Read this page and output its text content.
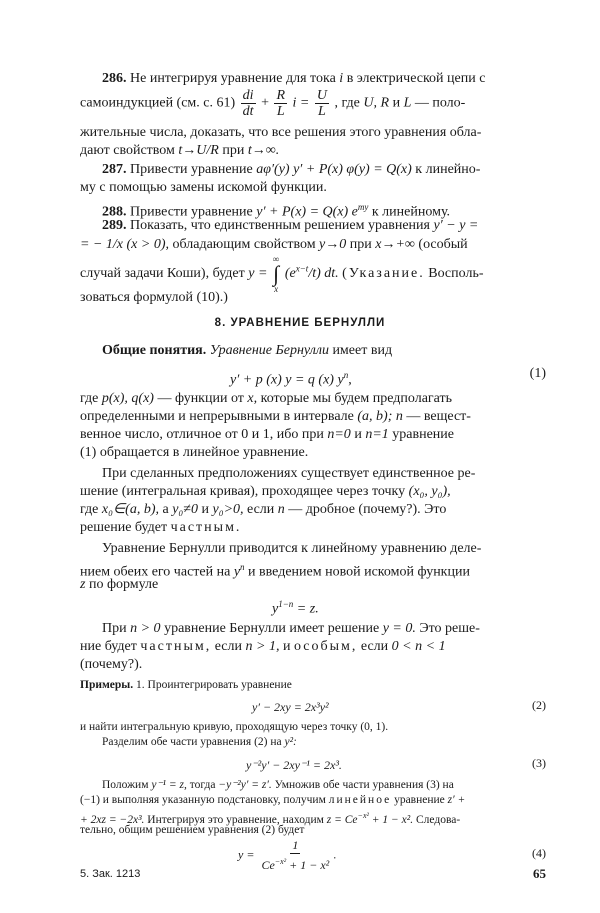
286. Не интегрируя уравнение для тока i в электрической цепи с
самоиндукцией (см. с. $61) \frac{di}{dt} + \frac{R}{L}$ $i = \frac{U}{L}$ , где U, R и L — поло-
жительные числа, доказать, что все решения этого уравнения обла-
дают свойством t→U/R при t→∞.
287. Привести уравнение aφ′(y) y′ + P(x) φ(y) = Q(x) к линейно-
му с помощью замены искомой функции.
288. Привести уравнение y′ + P(x) = Q(x) $e^{my}$ к линейному.
289. Показать, что единственным решением уравнения y′ − y =
= − 1/x (x > 0), обладающим свойством y→0 при x→+∞ (особый
случай задачи Коши), будет y =
∞
∫
x
$(e^{x-t}/t)$ dt. (Указание. Восполь-
зоваться формулой (10).)
8. УРАВНЕНИЕ БЕРНУЛЛИ
Общие понятия. Уравнение Бернулли имеет вид
y′ + p (x) y = q (x) $y^n$,	(1)
где p(x), q(x) — функции от x, которые мы будем предполагать
определенными и непрерывными в интервале (a, b); n — вещест-
венное число, отличное от 0 и 1, ибо при n=0 и n=1 уравнение
(1) обращается в линейное уравнение.
При сделанных предположениях существует единственное ре-
шение (интегральная кривая), проходящее через точку (x₀, y₀),
где x₀∈(a, b), а y₀≠0 и y₀>0, если n — дробное (почему?). Это
решение будет частным.
Уравнение Бернулли приводится к линейному уравнению деле-
нием обеих его частей на $y^n$ и введением новой искомой функции
z по формуле
$y^{1-n} = z$.
При n > 0 уравнение Бернулли имеет решение y = 0. Это реше-
ние будет частным, если n > 1, и особым, если 0 < n < 1
(почему?).
Примеры. 1. Проинтегрировать уравнение
y′ − 2xy = 2x³y²	(2)
и найти интегральную кривую, проходящую через точку (0, 1).
Разделим обе части уравнения (2) на y²:
y⁻²y′ − 2xy⁻¹ = 2x³.	(3)
Положим y⁻¹ = z, тогда −y⁻²y′ = z′. Умножив обе части уравнения (3) на
(−1) и выполняя указанную подстановку, получим линейное уравнение z′ +
+ 2xz = −2x³. Интегрируя это уравнение, находим $z = Ce^{-x^2} + 1 - x^2$. Следова-
тельно, общим решением уравнения (2) будет
$y = \frac{1}{Ce^{-x^2} + 1 - x^2}$ .	(4)
5. Зак. 1213	65
